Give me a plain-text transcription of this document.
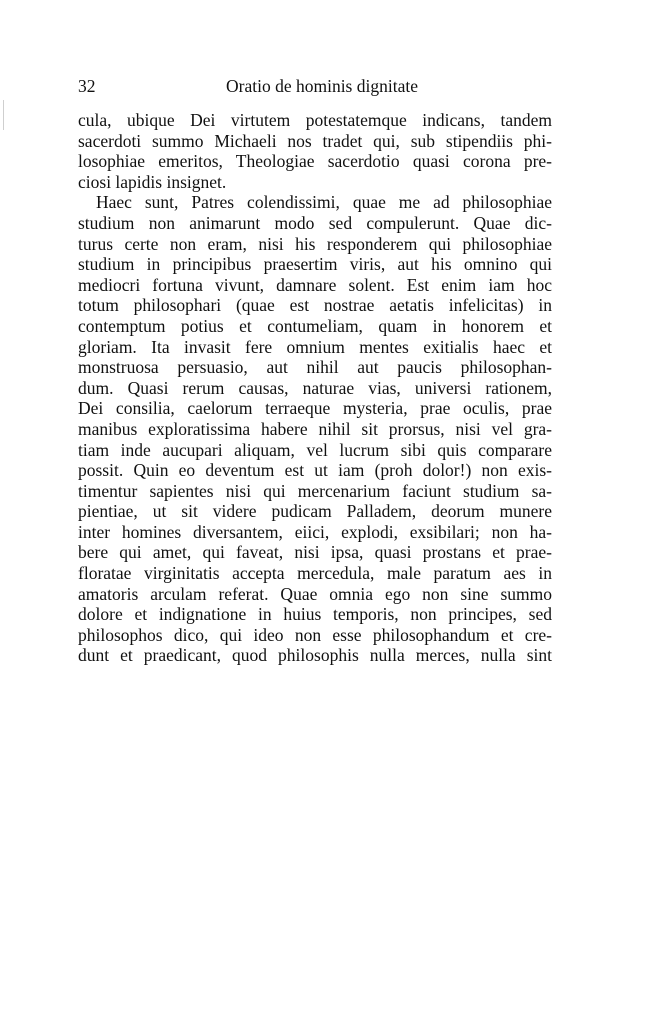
32	Oratio de hominis dignitate
cula, ubique Dei virtutem potestatemque indicans, tandem
sacerdoti summo Michaeli nos tradet qui, sub stipendiis phi-
losophiae emeritos, Theologiae sacerdotio quasi corona pre-
ciosi lapidis insignet.
Haec sunt, Patres colendissimi, quae me ad philosophiae
studium non animarunt modo sed compulerunt. Quae dic-
turus certe non eram, nisi his responderem qui philosophiae
studium in principibus praesertim viris, aut his omnino qui
mediocri fortuna vivunt, damnare solent. Est enim iam hoc
totum philosophari (quae est nostrae aetatis infelicitas) in
contemptum potius et contumeliam, quam in honorem et
gloriam. Ita invasit fere omnium mentes exitialis haec et
monstruosa persuasio, aut nihil aut paucis philosophan-
dum. Quasi rerum causas, naturae vias, universi rationem,
Dei consilia, caelorum terraeque mysteria, prae oculis, prae
manibus exploratissima habere nihil sit prorsus, nisi vel gra-
tiam inde aucupari aliquam, vel lucrum sibi quis comparare
possit. Quin eo deventum est ut iam (proh dolor!) non exis-
timentur sapientes nisi qui mercenarium faciunt studium sa-
pientiae, ut sit videre pudicam Palladem, deorum munere
inter homines diversantem, eiici, explodi, exsibilari; non ha-
bere qui amet, qui faveat, nisi ipsa, quasi prostans et prae-
floratae virginitatis accepta mercedula, male paratum aes in
amatoris arculam referat. Quae omnia ego non sine summo
dolore et indignatione in huius temporis, non principes, sed
philosophos dico, qui ideo non esse philosophandum et cre-
dunt et praedicant, quod philosophis nulla merces, nulla sint
